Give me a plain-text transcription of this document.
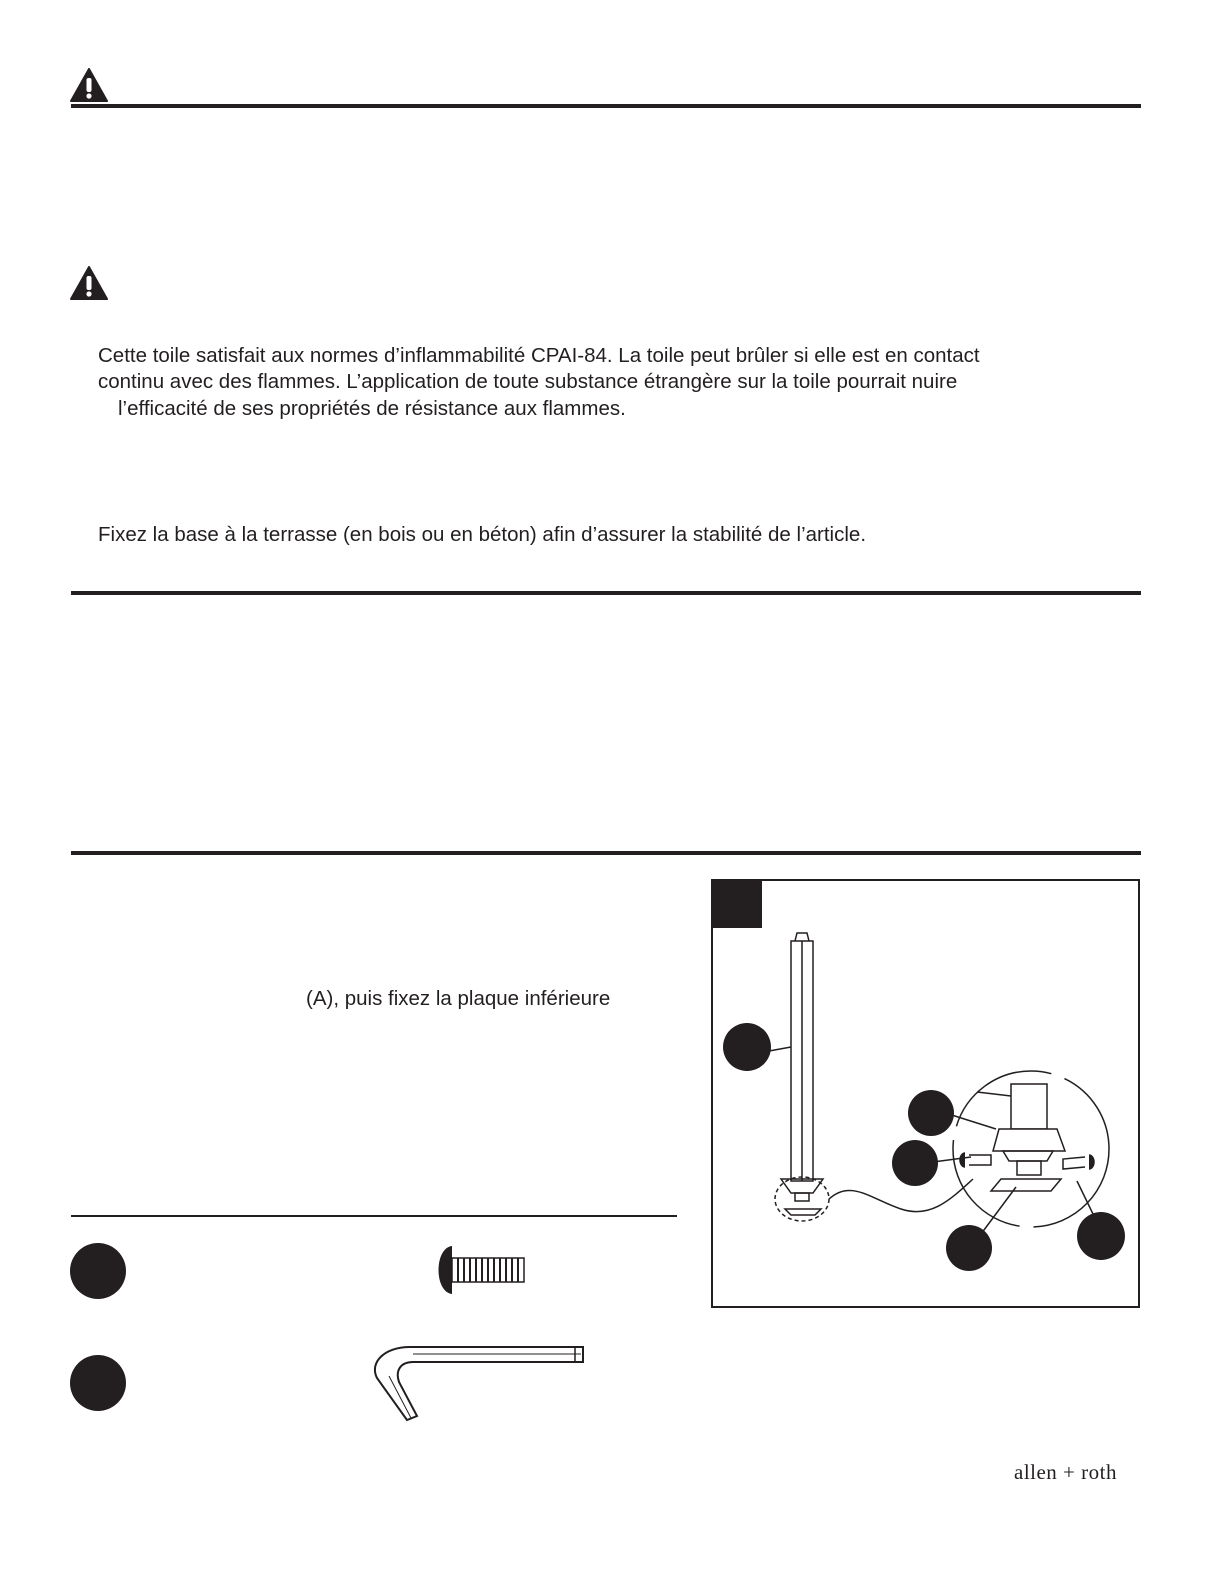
Cette toile satisfait aux normes d’inflammabilité CPAI-84. La toile peut brûler si elle est en contact
continu avec des flammes. L’application de toute substance étrangère sur la toile pourrait nuire
l’efficacité de ses propriétés de résistance aux flammes.
Fixez la base à la terrasse (en bois ou en béton) afin d’assurer la stabilité de l’article.
(A), puis fixez la plaque inférieure
allen + roth
